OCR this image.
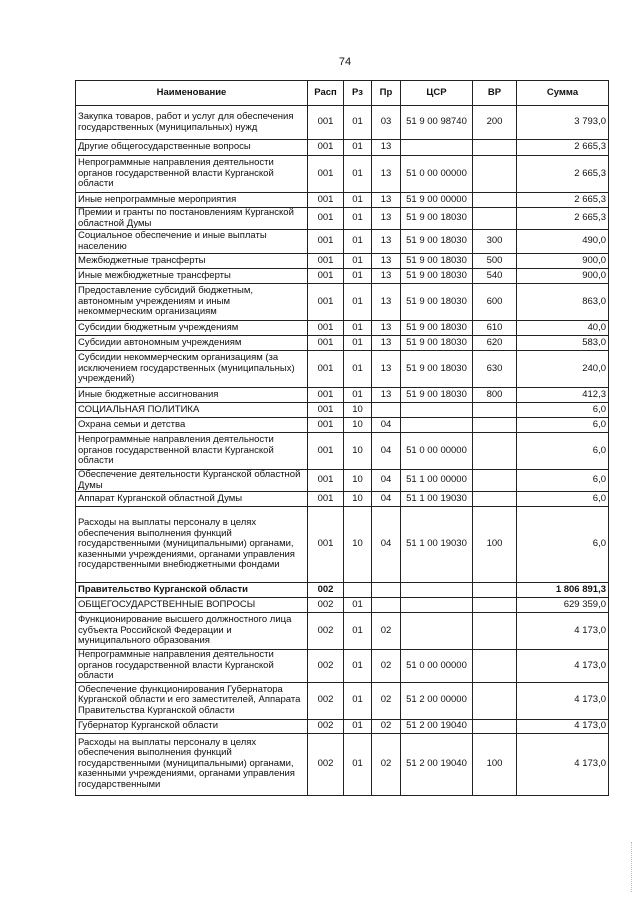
74
Наименование	Расп	Рз	Пр	ЦСР	ВР	Сумма
Закупка товаров, работ и услуг для обеспечения государственных (муниципальных) нужд	001	01	03	51 9 00 98740	200	3 793,0
Другие общегосударственные вопросы	001	01	13			2 665,3
Непрограммные направления деятельности органов государственной власти Курганской области	001	01	13	51 0 00 00000		2 665,3
Иные непрограммные мероприятия	001	01	13	51 9 00 00000		2 665,3
Премии и гранты по постановлениям Курганской областной Думы	001	01	13	51 9 00 18030		2 665,3
Социальное обеспечение и иные выплаты населению	001	01	13	51 9 00 18030	300	490,0
Межбюджетные трансферты	001	01	13	51 9 00 18030	500	900,0
Иные межбюджетные трансферты	001	01	13	51 9 00 18030	540	900,0
Предоставление субсидий бюджетным, автономным учреждениям и иным некоммерческим организациям	001	01	13	51 9 00 18030	600	863,0
Субсидии бюджетным учреждениям	001	01	13	51 9 00 18030	610	40,0
Субсидии автономным учреждениям	001	01	13	51 9 00 18030	620	583,0
Субсидии некоммерческим организациям (за исключением государственных (муниципальных) учреждений)	001	01	13	51 9 00 18030	630	240,0
Иные бюджетные ассигнования	001	01	13	51 9 00 18030	800	412,3
СОЦИАЛЬНАЯ ПОЛИТИКА	001	10				6,0
Охрана семьи и детства	001	10	04			6,0
Непрограммные направления деятельности органов государственной власти Курганской области	001	10	04	51 0 00 00000		6,0
Обеспечение деятельности Курганской областной Думы	001	10	04	51 1 00 00000		6,0
Аппарат Курганской областной Думы	001	10	04	51 1 00 19030		6,0
Расходы на выплаты персоналу в целях обеспечения выполнения функций государственными (муниципальными) органами, казенными учреждениями, органами управления государственными внебюджетными фондами	001	10	04	51 1 00 19030	100	6,0
Правительство Курганской области	002					1 806 891,3
ОБЩЕГОСУДАРСТВЕННЫЕ ВОПРОСЫ	002	01				629 359,0
Функционирование высшего должностного лица субъекта Российской Федерации и муниципального образования	002	01	02			4 173,0
Непрограммные направления деятельности органов государственной власти Курганской области	002	01	02	51 0 00 00000		4 173,0
Обеспечение функционирования Губернатора Курганской области и его заместителей, Аппарата Правительства Курганской области	002	01	02	51 2 00 00000		4 173,0
Губернатор Курганской области	002	01	02	51 2 00 19040		4 173,0
Расходы на выплаты персоналу в целях обеспечения выполнения функций государственными (муниципальными) органами, казенными учреждениями, органами управления государственными	002	01	02	51 2 00 19040	100	4 173,0
